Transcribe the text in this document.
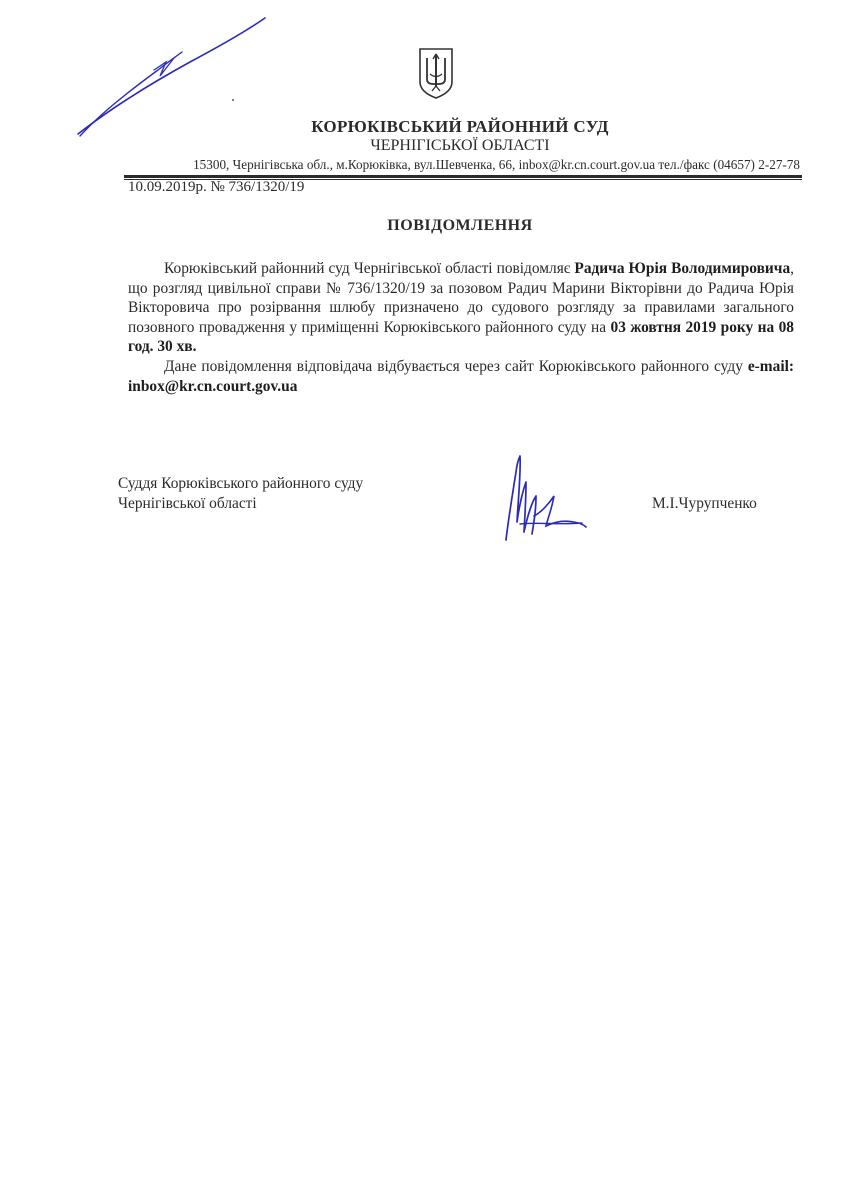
КОРЮКІВСЬКИЙ РАЙОННИЙ СУД
ЧЕРНІГІСЬКОЇ ОБЛАСТІ
15300, Чернігівська обл., м.Корюківка, вул.Шевченка, 66, inbox@kr.cn.court.gov.ua тел./факс (04657) 2-27-78
10.09.2019р. № 736/1320/19
ПОВІДОМЛЕННЯ
Корюківський районний суд Чернігівської області повідомляє Радича Юрія Володимировича, що розгляд цивільної справи № 736/1320/19 за позовом Радич Марини Вікторівни до Радича Юрія Вікторовича про розірвання шлюбу призначено до судового розгляду за правилами загального позовного провадження у приміщенні Корюківського районного суду на 03 жовтня 2019 року на 08 год. 30 хв.
Дане повідомлення відповідача відбувається через сайт Корюківського районного суду e-mail: inbox@kr.cn.court.gov.ua
Суддя Корюківського районного суду
Чернігівської області	М.І.Чурупченко
